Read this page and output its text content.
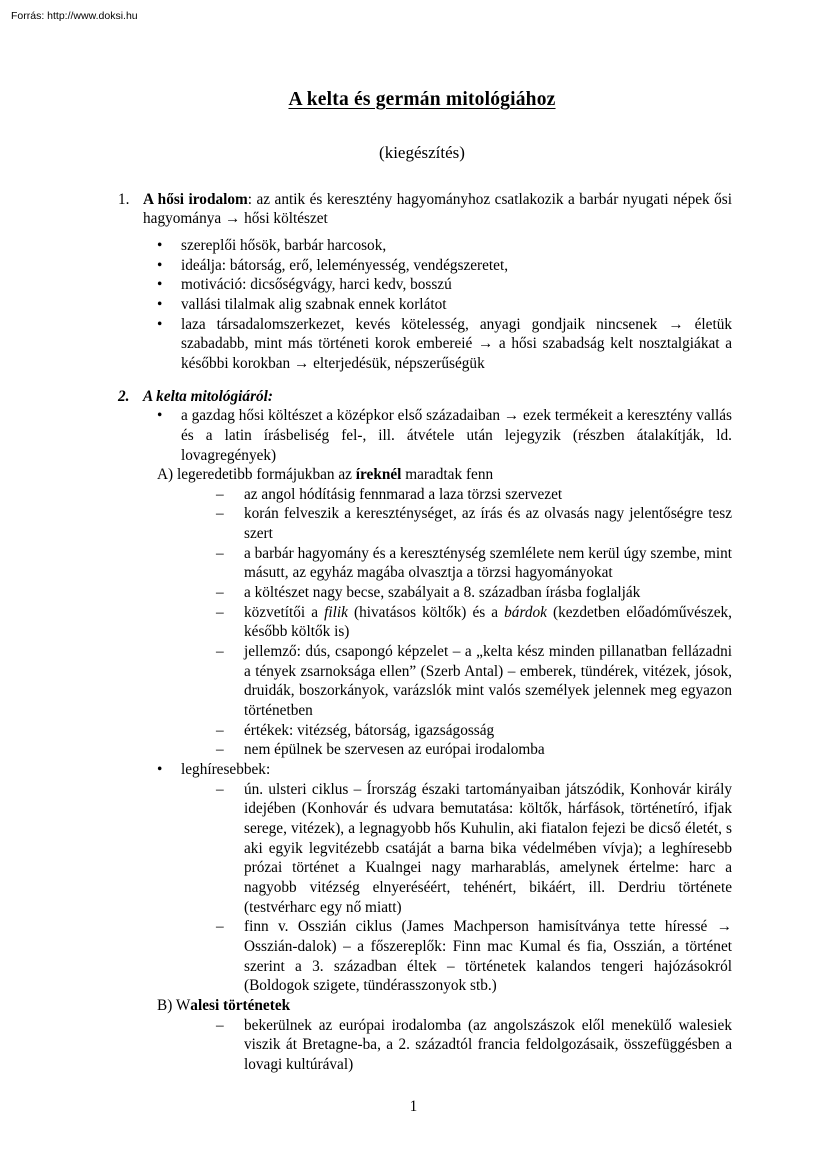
Forrás: http://www.doksi.hu
A kelta és germán mitológiához
(kiegészítés)
1. A hősi irodalom: az antik és keresztény hagyományhoz csatlakozik a barbár nyugati népek ősi hagyománya → hősi költészet
• szereplői hősök, barbár harcosok,
• ideálja: bátorság, erő, leleményesség, vendégszeretet,
• motiváció: dicsőségvágy, harci kedv, bosszú
• vallási tilalmak alig szabnak ennek korlátot
• laza társadalomszerkezet, kevés kötelesség, anyagi gondjaik nincsenek → életük szabadabb, mint más történeti korok embereié → a hősi szabadság kelt nosztalgiákat a későbbi korokban → elterjedésük, népszerűségük
2. A kelta mitológiáról:
• a gazdag hősi költészet a középkor első századaiban → ezek termékeit a keresztény vallás és a latin írásbeliség fel-, ill. átvétele után lejegyzik (részben átalakítják, ld. lovagregények)
A) legeredetibb formájukban az íreknél maradtak fenn
– az angol hódításig fennmarad a laza törzsi szervezet
– korán felveszik a kereszténységet, az írás és az olvasás nagy jelentőségre tesz szert
– a barbár hagyomány és a kereszténység szemlélete nem kerül úgy szembe, mint másutt, az egyház magába olvasztja a törzsi hagyományokat
– a költészet nagy becse, szabályait a 8. században írásba foglalják
– közvetítői a filik (hivatásos költők) és a bárdok (kezdetben előadóművészek, később költők is)
– jellemző: dús, csapongó képzelet – a „kelta kész minden pillanatban fellázadni a tények zsarnoksága ellen” (Szerb Antal) – emberek, tündérek, vitézek, jósok, druidák, boszorkányok, varázslók mint valós személyek jelennek meg egyazon történetben
– értékek: vitézség, bátorság, igazságosság
– nem épülnek be szervesen az európai irodalomba
• leghíresebbek:
– ún. ulsteri ciklus – Írország északi tartományaiban játszódik, Konhovár király idejében (Konhovár és udvara bemutatása: költők, hárfások, történetíró, ifjak serege, vitézek), a legnagyobb hős Kuhulin, aki fiatalon fejezi be dicső életét, s aki egyik legvitézebb csatáját a barna bika védelmében vívja); a leghíresebb prózai történet a Kualngei nagy marharablás, amelynek értelme: harc a nagyobb vitézség elnyeréséért, tehénért, bikáért, ill. Derdriu története (testvérharc egy nő miatt)
– finn v. Osszián ciklus (James Machperson hamisítványa tette híressé → Osszián-dalok) – a főszereplők: Finn mac Kumal és fia, Osszián, a történet szerint a 3. században éltek – történetek kalandos tengeri hajózásokról (Boldogok szigete, tündérasszonyok stb.)
B) Walesi történetek
– bekerülnek az európai irodalomba (az angolszászok elől menekülő walesiek viszik át Bretagne-ba, a 2. századtól francia feldolgozásaik, összefüggésben a lovagi kultúrával)
1
